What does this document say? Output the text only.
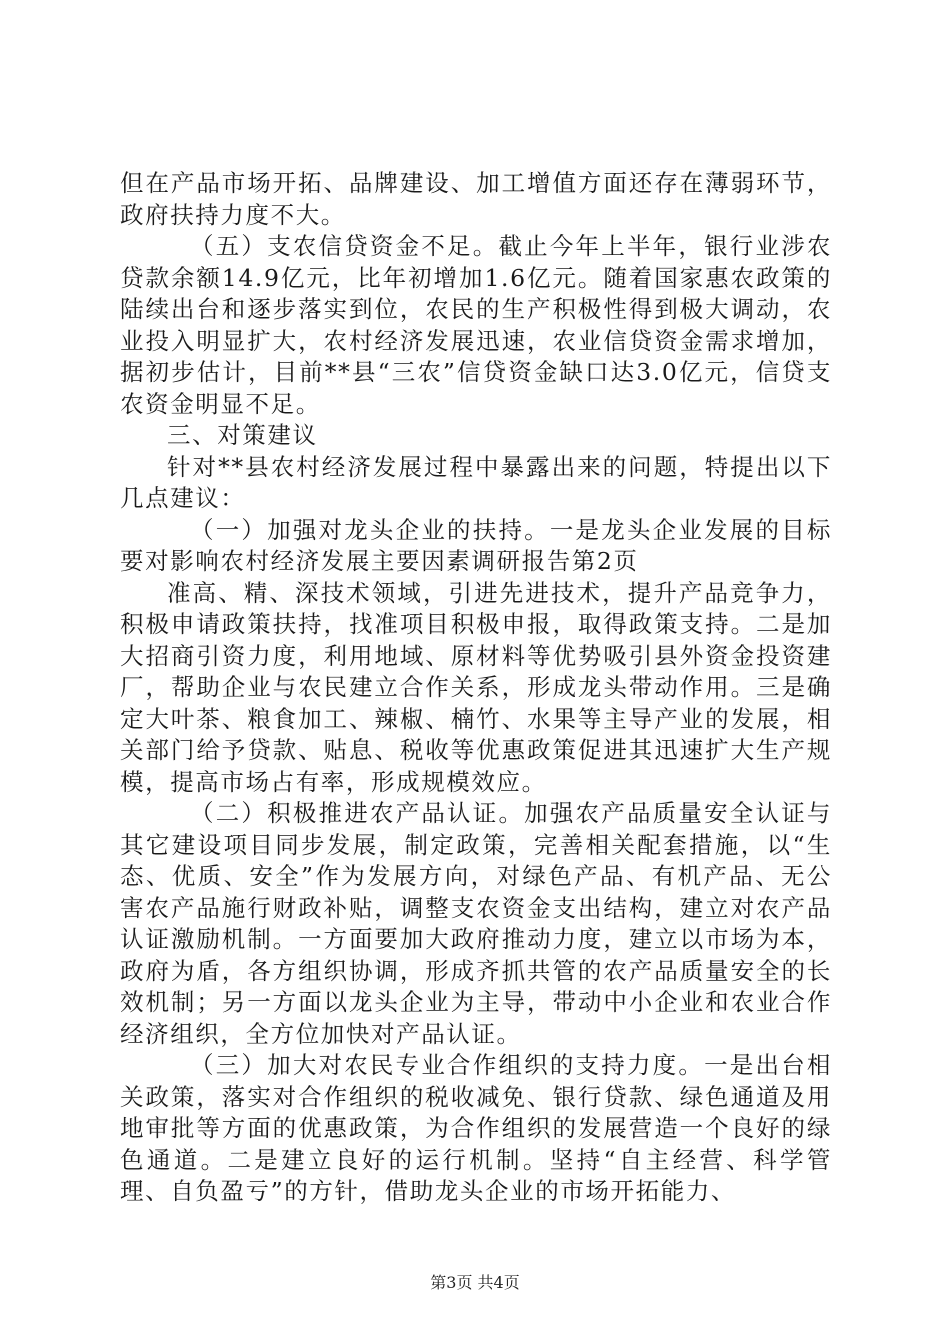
但在产品市场开拓、品牌建设、加工增值方面还存在薄弱环节，政府扶持力度不大。

（五）支农信贷资金不足。截止今年上半年，银行业涉农贷款余额14.9亿元，比年初增加1.6亿元。随着国家惠农政策的陆续出台和逐步落实到位，农民的生产积极性得到极大调动，农业投入明显扩大，农村经济发展迅速，农业信贷资金需求增加，据初步估计，目前**县“三农”信贷资金缺口达3.0亿元，信贷支农资金明显不足。

三、对策建议

针对**县农村经济发展过程中暴露出来的问题，特提出以下几点建议：

（一）加强对龙头企业的扶持。一是龙头企业发展的目标要对影响农村经济发展主要因素调研报告第2页

准高、精、深技术领域，引进先进技术，提升产品竞争力，积极申请政策扶持，找准项目积极申报，取得政策支持。二是加大招商引资力度，利用地域、原材料等优势吸引县外资金投资建厂，帮助企业与农民建立合作关系，形成龙头带动作用。三是确定大叶茶、粮食加工、辣椒、楠竹、水果等主导产业的发展，相关部门给予贷款、贴息、税收等优惠政策促进其迅速扩大生产规模，提高市场占有率，形成规模效应。

（二）积极推进农产品认证。加强农产品质量安全认证与其它建设项目同步发展，制定政策，完善相关配套措施，以“生态、优质、安全”作为发展方向，对绿色产品、有机产品、无公害农产品施行财政补贴，调整支农资金支出结构，建立对农产品认证激励机制。一方面要加大政府推动力度，建立以市场为本，政府为盾，各方组织协调，形成齐抓共管的农产品质量安全的长效机制；另一方面以龙头企业为主导，带动中小企业和农业合作经济组织，全方位加快对产品认证。

（三）加大对农民专业合作组织的支持力度。一是出台相关政策，落实对合作组织的税收减免、银行贷款、绿色通道及用地审批等方面的优惠政策，为合作组织的发展营造一个良好的绿色通道。二是建立良好的运行机制。坚持“自主经营、科学管理、自负盈亏”的方针，借助龙头企业的市场开拓能力、

第3页 共4页
